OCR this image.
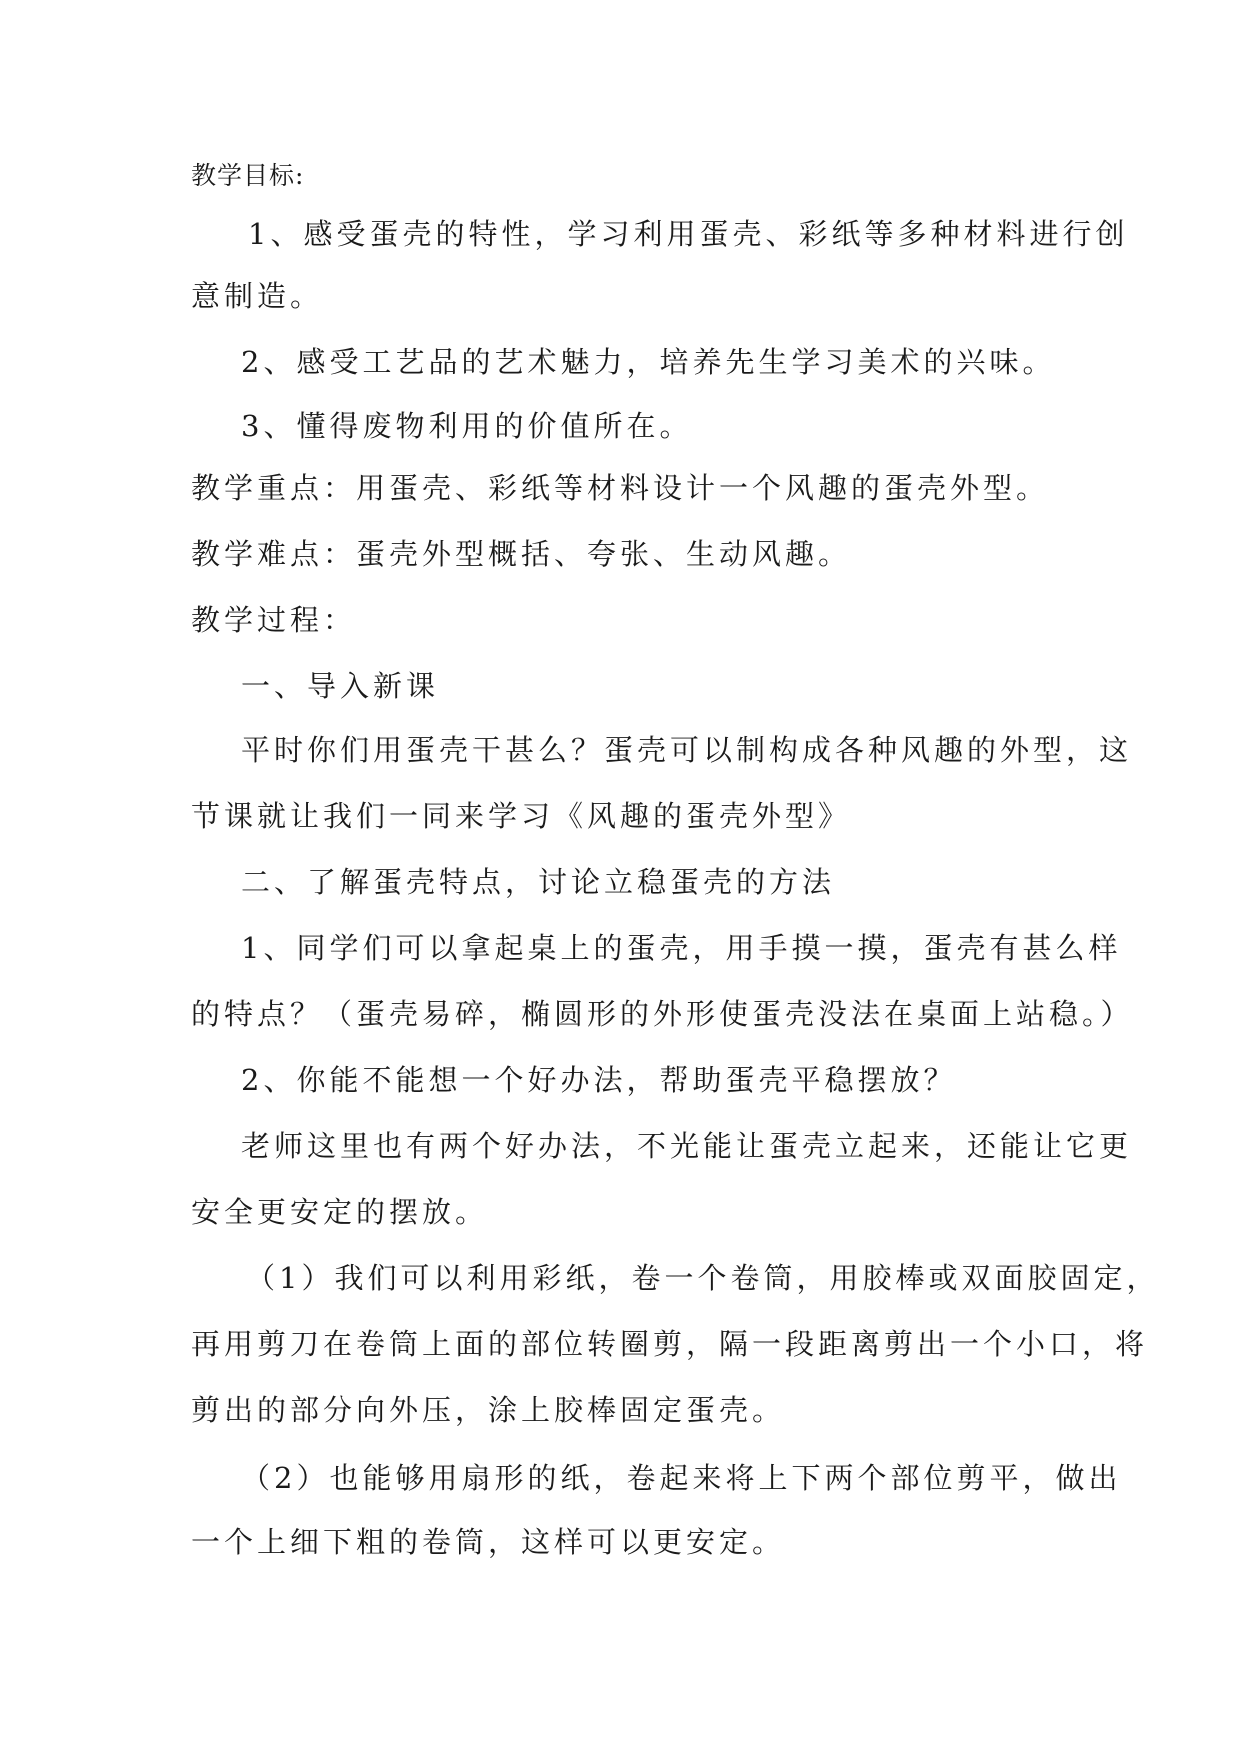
教学目标:
1、感受蛋壳的特性，学习利用蛋壳、彩纸等多种材料进行创
意制造。
2、感受工艺品的艺术魅力，培养先生学习美术的兴味。
3、懂得废物利用的价值所在。
教学重点：用蛋壳、彩纸等材料设计一个风趣的蛋壳外型。
教学难点：蛋壳外型概括、夸张、生动风趣。
教学过程：
一、导入新课
平时你们用蛋壳干甚么？蛋壳可以制构成各种风趣的外型，这
节课就让我们一同来学习《风趣的蛋壳外型》
二、了解蛋壳特点，讨论立稳蛋壳的方法
1、同学们可以拿起桌上的蛋壳，用手摸一摸，蛋壳有甚么样
的特点？（蛋壳易碎，椭圆形的外形使蛋壳没法在桌面上站稳。）
2、你能不能想一个好办法，帮助蛋壳平稳摆放？
老师这里也有两个好办法，不光能让蛋壳立起来，还能让它更
安全更安定的摆放。
（1）我们可以利用彩纸，卷一个卷筒，用胶棒或双面胶固定，
再用剪刀在卷筒上面的部位转圈剪，隔一段距离剪出一个小口，将
剪出的部分向外压，涂上胶棒固定蛋壳。
（2）也能够用扇形的纸，卷起来将上下两个部位剪平，做出
一个上细下粗的卷筒，这样可以更安定。
